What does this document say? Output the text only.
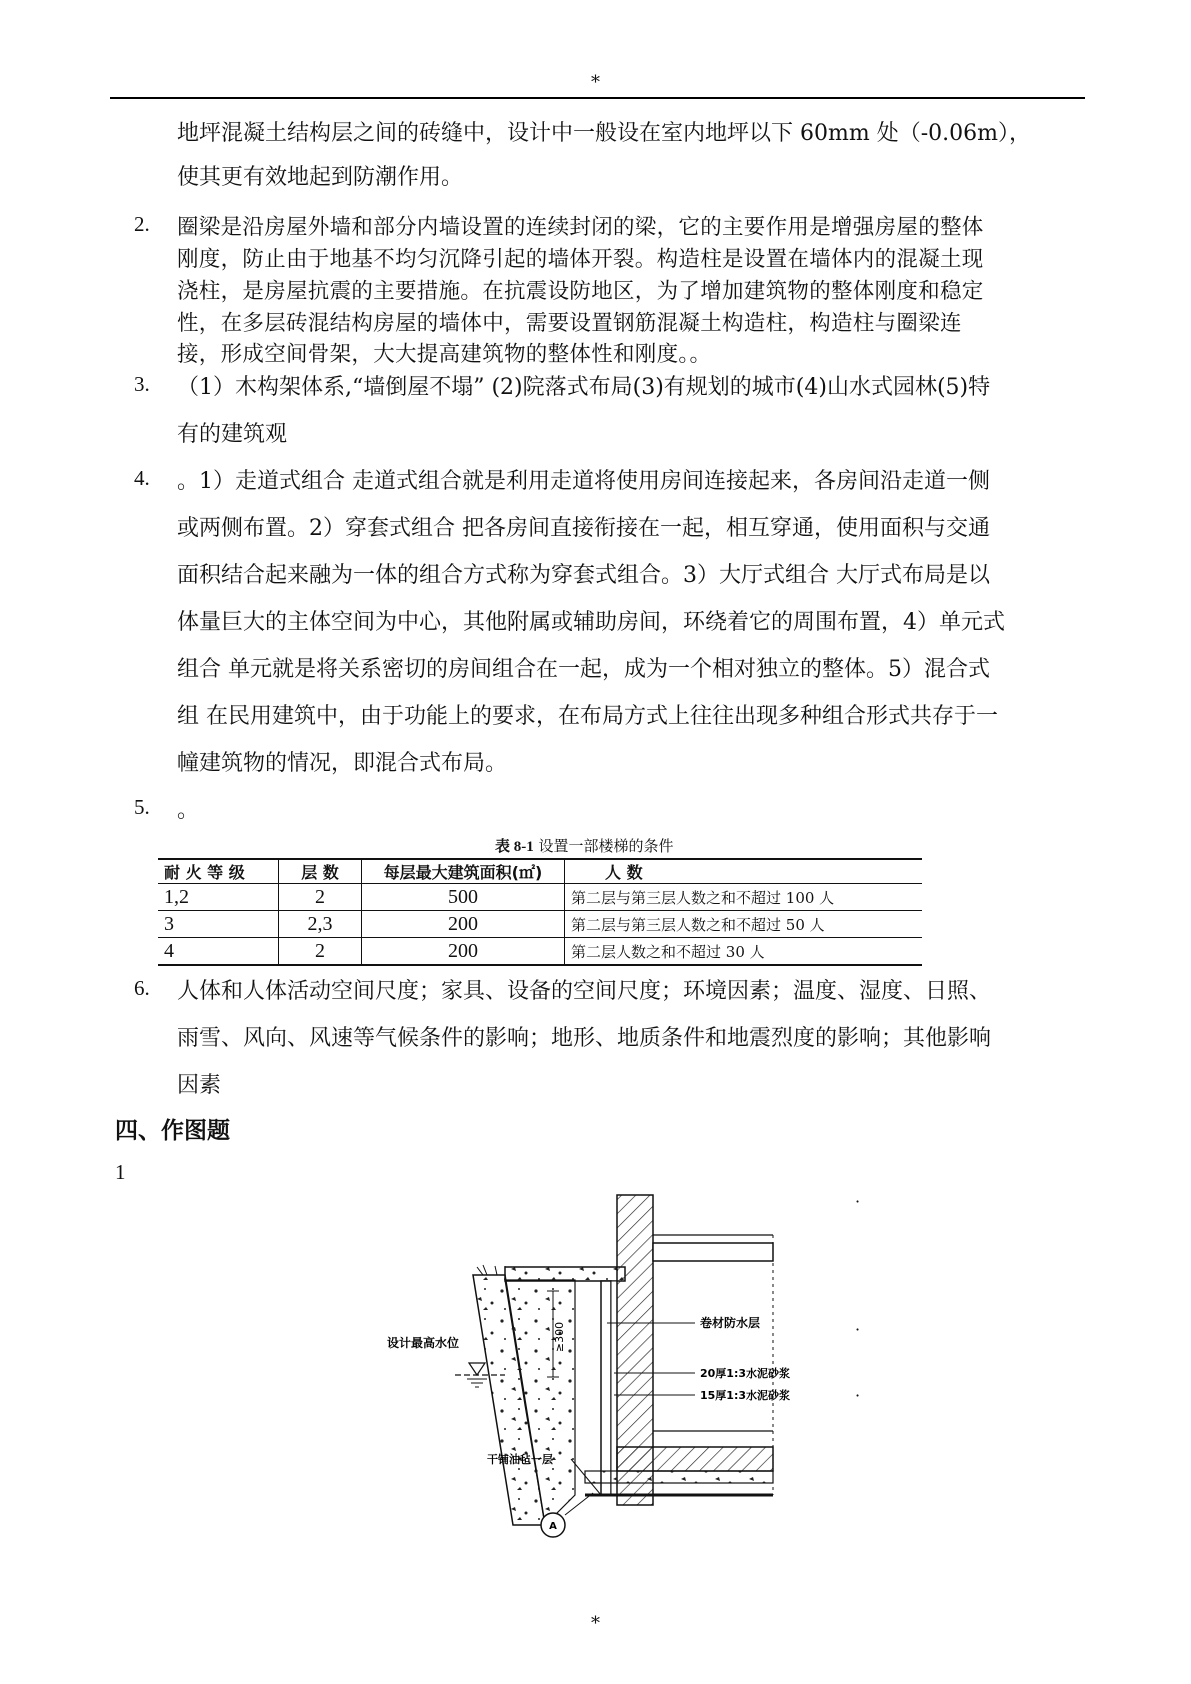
*
地坪混凝土结构层之间的砖缝中，设计中一般设在室内地坪以下 60mm 处（-0.06m），
使其更有效地起到防潮作用。
2. 圈梁是沿房屋外墙和部分内墙设置的连续封闭的梁，它的主要作用是增强房屋的整体
刚度，防止由于地基不均匀沉降引起的墙体开裂。构造柱是设置在墙体内的混凝土现
浇柱，是房屋抗震的主要措施。在抗震设防地区，为了增加建筑物的整体刚度和稳定
性，在多层砖混结构房屋的墙体中，需要设置钢筋混凝土构造柱，构造柱与圈梁连
接，形成空间骨架，大大提高建筑物的整体性和刚度。。
3. （1）木构架体系,“墙倒屋不塌” (2)院落式布局(3)有规划的城市(4)山水式园林(5)特
有的建筑观
4. 。1）走道式组合 走道式组合就是利用走道将使用房间连接起来，各房间沿走道一侧
或两侧布置。2）穿套式组合 把各房间直接衔接在一起，相互穿通，使用面积与交通
面积结合起来融为一体的组合方式称为穿套式组合。3）大厅式组合 大厅式布局是以
体量巨大的主体空间为中心，其他附属或辅助房间，环绕着它的周围布置，4）单元式
组合 单元就是将关系密切的房间组合在一起，成为一个相对独立的整体。5）混合式
组 在民用建筑中，由于功能上的要求，在布局方式上往往出现多种组合形式共存于一
幢建筑物的情况，即混合式布局。
5. 。
表 8-1 设置一部楼梯的条件
耐 火 等 级	层 数	每层最大建筑面积(㎡)	人 数
1,2	2	500	第二层与第三层人数之和不超过 100 人
3	2,3	200	第二层与第三层人数之和不超过 50 人
4	2	200	第二层人数之和不超过 30 人
6. 人体和人体活动空间尺度；家具、设备的空间尺度；环境因素；温度、湿度、日照、
雨雪、风向、风速等气候条件的影响；地形、地质条件和地震烈度的影响；其他影响
因素
四、作图题
1
·
·
·
设计最高水位	≥300	卷材防水层
20厚1:3水泥砂浆
15厚1:3水泥砂浆
干铺油毡一层
A
*
